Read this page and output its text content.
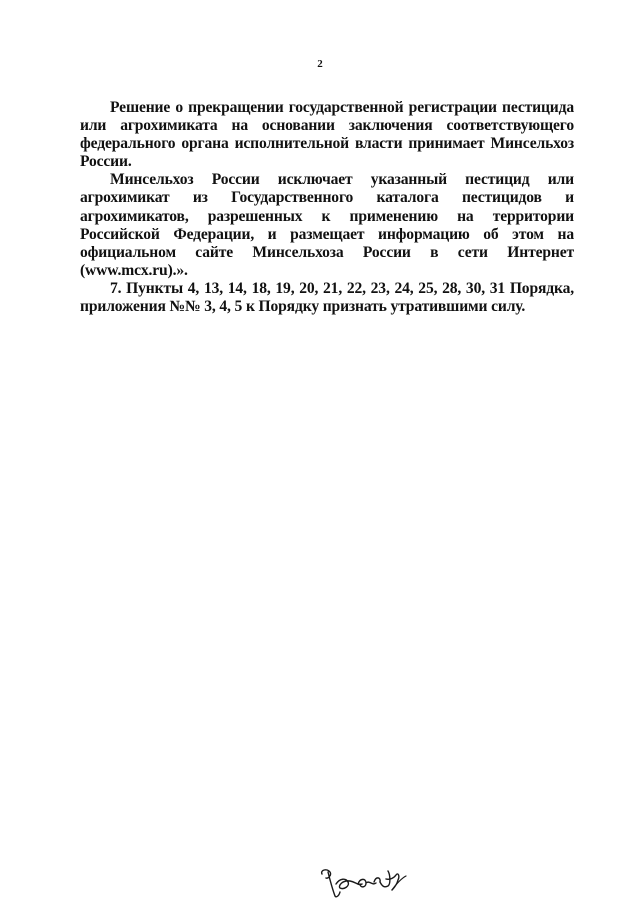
2

Решение о прекращении государственной регистрации пестицида или агрохимиката на основании заключения соответствующего федерального органа исполнительной власти принимает Минсельхоз России.

Минсельхоз России исключает указанный пестицид или агрохимикат из Государственного каталога пестицидов и агрохимикатов, разрешенных к применению на территории Российской Федерации, и размещает информацию об этом на официальном сайте Минсельхоза России в сети Интернет (www.mcx.ru).».

7. Пункты 4, 13, 14, 18, 19, 20, 21, 22, 23, 24, 25, 28, 30, 31 Порядка, приложения №№ 3, 4, 5 к Порядку признать утратившими силу.
